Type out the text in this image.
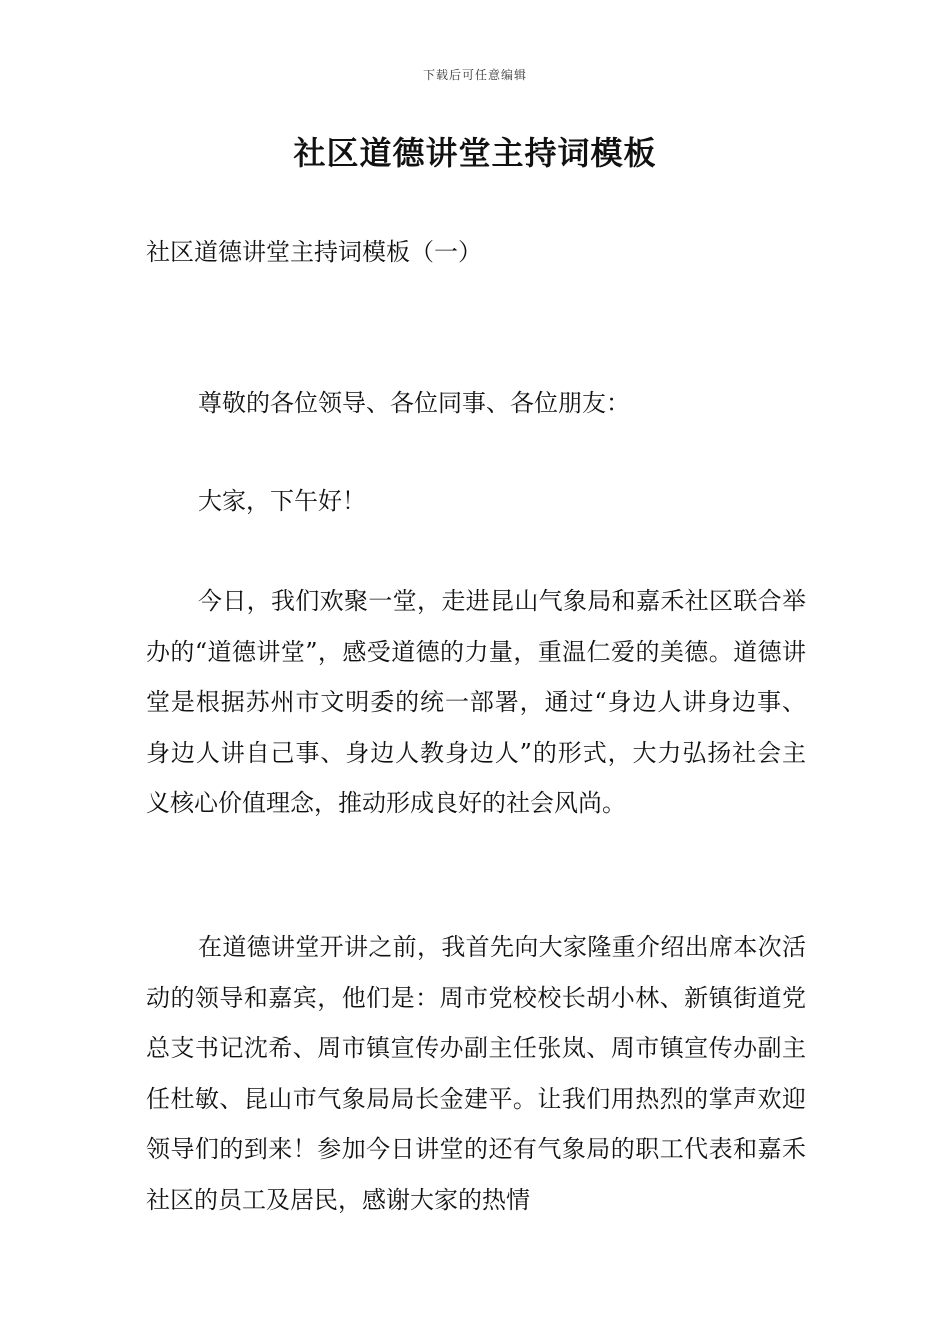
下载后可任意编辑
社区道德讲堂主持词模板

社区道德讲堂主持词模板（一）

尊敬的各位领导、各位同事、各位朋友：

大家，下午好！

今日，我们欢聚一堂，走进昆山气象局和嘉禾社区联合举办的“道德讲堂”，感受道德的力量，重温仁爱的美德。道德讲堂是根据苏州市文明委的统一部署，通过“身边人讲身边事、身边人讲自己事、身边人教身边人”的形式，大力弘扬社会主义核心价值理念，推动形成良好的社会风尚。

在道德讲堂开讲之前，我首先向大家隆重介绍出席本次活动的领导和嘉宾，他们是：周市党校校长胡小林、新镇街道党总支书记沈希、周市镇宣传办副主任张岚、周市镇宣传办副主任杜敏、昆山市气象局局长金建平。让我们用热烈的掌声欢迎领导们的到来！参加今日讲堂的还有气象局的职工代表和嘉禾社区的员工及居民，感谢大家的热情
